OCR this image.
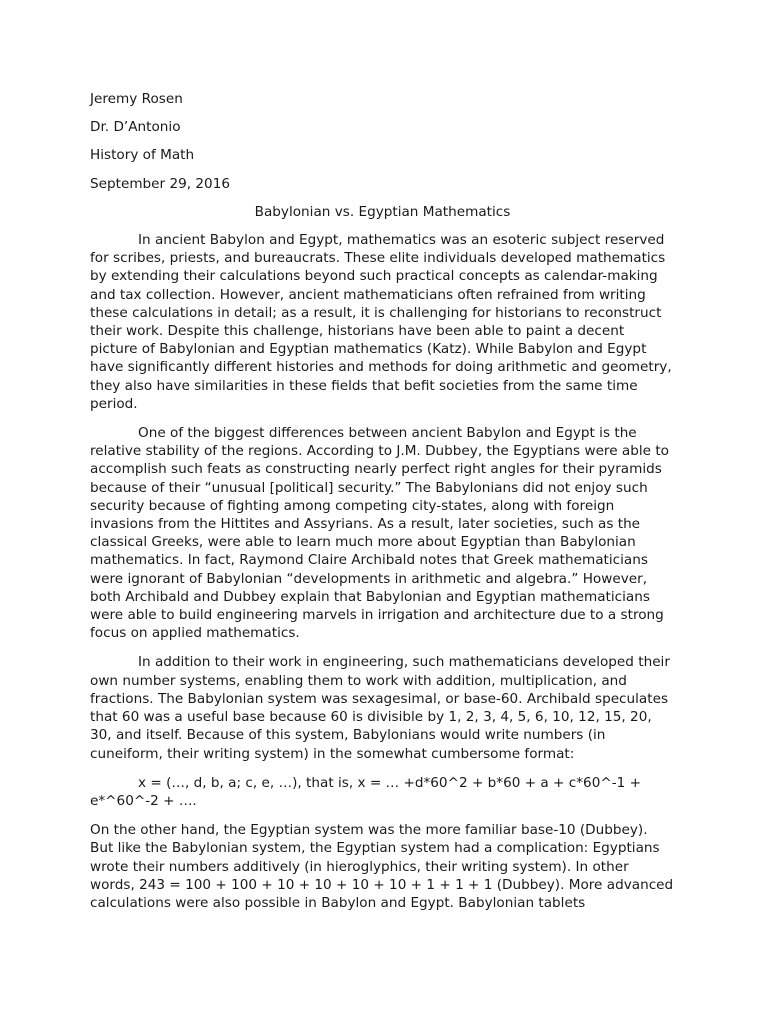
Jeremy Rosen
Dr. D’Antonio
History of Math
September 29, 2016
Babylonian vs. Egyptian Mathematics

In ancient Babylon and Egypt, mathematics was an esoteric subject reserved for scribes, priests, and bureaucrats. These elite individuals developed mathematics by extending their calculations beyond such practical concepts as calendar-making and tax collection. However, ancient mathematicians often refrained from writing these calculations in detail; as a result, it is challenging for historians to reconstruct their work. Despite this challenge, historians have been able to paint a decent picture of Babylonian and Egyptian mathematics (Katz). While Babylon and Egypt have significantly different histories and methods for doing arithmetic and geometry, they also have similarities in these fields that befit societies from the same time period.

One of the biggest differences between ancient Babylon and Egypt is the relative stability of the regions. According to J.M. Dubbey, the Egyptians were able to accomplish such feats as constructing nearly perfect right angles for their pyramids because of their “unusual [political] security.” The Babylonians did not enjoy such security because of fighting among competing city-states, along with foreign invasions from the Hittites and Assyrians. As a result, later societies, such as the classical Greeks, were able to learn much more about Egyptian than Babylonian mathematics. In fact, Raymond Claire Archibald notes that Greek mathematicians were ignorant of Babylonian “developments in arithmetic and algebra.” However, both Archibald and Dubbey explain that Babylonian and Egyptian mathematicians were able to build engineering marvels in irrigation and architecture due to a strong focus on applied mathematics.

In addition to their work in engineering, such mathematicians developed their own number systems, enabling them to work with addition, multiplication, and fractions. The Babylonian system was sexagesimal, or base-60. Archibald speculates that 60 was a useful base because 60 is divisible by 1, 2, 3, 4, 5, 6, 10, 12, 15, 20, 30, and itself. Because of this system, Babylonians would write numbers (in cuneiform, their writing system) in the somewhat cumbersome format:

x = (…, d, b, a; c, e, …), that is, x = … +d*60^2 + b*60 + a + c*60^-1 + e*^60^-2 + ….

On the other hand, the Egyptian system was the more familiar base-10 (Dubbey). But like the Babylonian system, the Egyptian system had a complication: Egyptians wrote their numbers additively (in hieroglyphics, their writing system). In other words, 243 = 100 + 100 + 10 + 10 + 10 + 10 + 1 + 1 + 1 (Dubbey). More advanced calculations were also possible in Babylon and Egypt. Babylonian tablets
